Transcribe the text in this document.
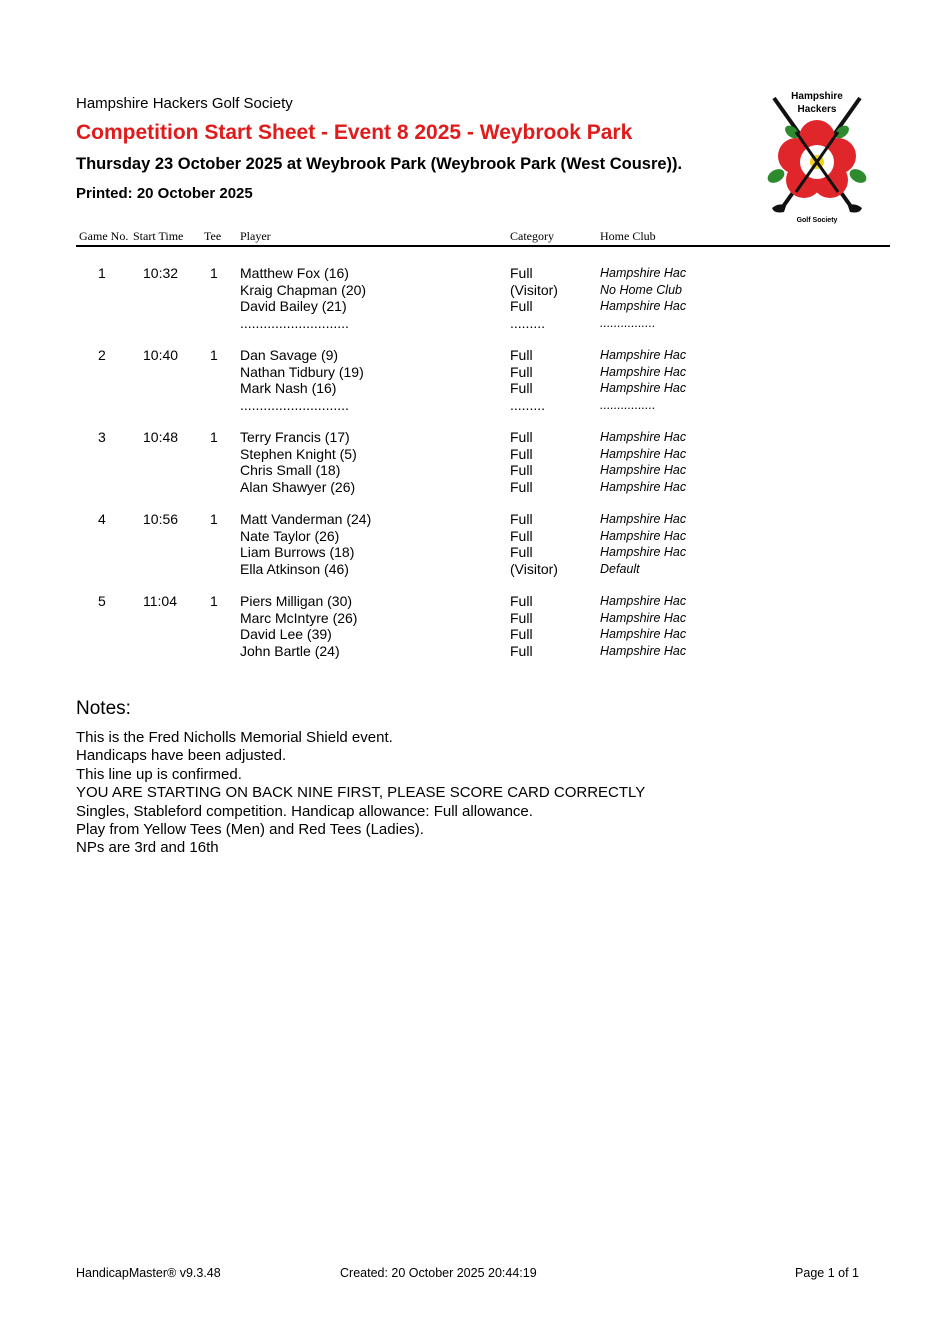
Hampshire Hackers Golf Society
Competition Start Sheet - Event 8 2025 - Weybrook Park
Thursday 23 October 2025 at Weybrook Park (Weybrook Park (West Cousre)).
Printed: 20 October 2025
Hampshire
Hackers
Golf Society
Game No. Start Time Tee Player	Category	Home Club
1	10:32 1 Matthew Fox (16)	Full	Hampshire Hac
Kraig Chapman (20)	(Visitor)	No Home Club
David Bailey (21)	Full	Hampshire Hac
............................	.........	................
2	10:40 1 Dan Savage (9)	Full	Hampshire Hac
Nathan Tidbury (19)	Full	Hampshire Hac
Mark Nash (16)	Full	Hampshire Hac
............................	.........	................
3	10:48 1 Terry Francis (17)	Full	Hampshire Hac
Stephen Knight (5)	Full	Hampshire Hac
Chris Small (18)	Full	Hampshire Hac
Alan Shawyer (26)	Full	Hampshire Hac
4	10:56 1 Matt Vanderman (24)	Full	Hampshire Hac
Nate Taylor (26)	Full	Hampshire Hac
Liam Burrows (18)	Full	Hampshire Hac
Ella Atkinson (46)	(Visitor)	Default
5	11:04 1 Piers Milligan (30)	Full	Hampshire Hac
Marc McIntyre (26)	Full	Hampshire Hac
David Lee (39)	Full	Hampshire Hac
John Bartle (24)	Full	Hampshire Hac
Notes:
This is the Fred Nicholls Memorial Shield event.
Handicaps have been adjusted.
This line up is confirmed.
YOU ARE STARTING ON BACK NINE FIRST, PLEASE SCORE CARD CORRECTLY
Singles, Stableford competition. Handicap allowance: Full allowance.
Play from Yellow Tees (Men) and Red Tees (Ladies).
NPs are 3rd and 16th
HandicapMaster® v9.3.48	Created: 20 October 2025 20:44:19	Page 1 of 1
